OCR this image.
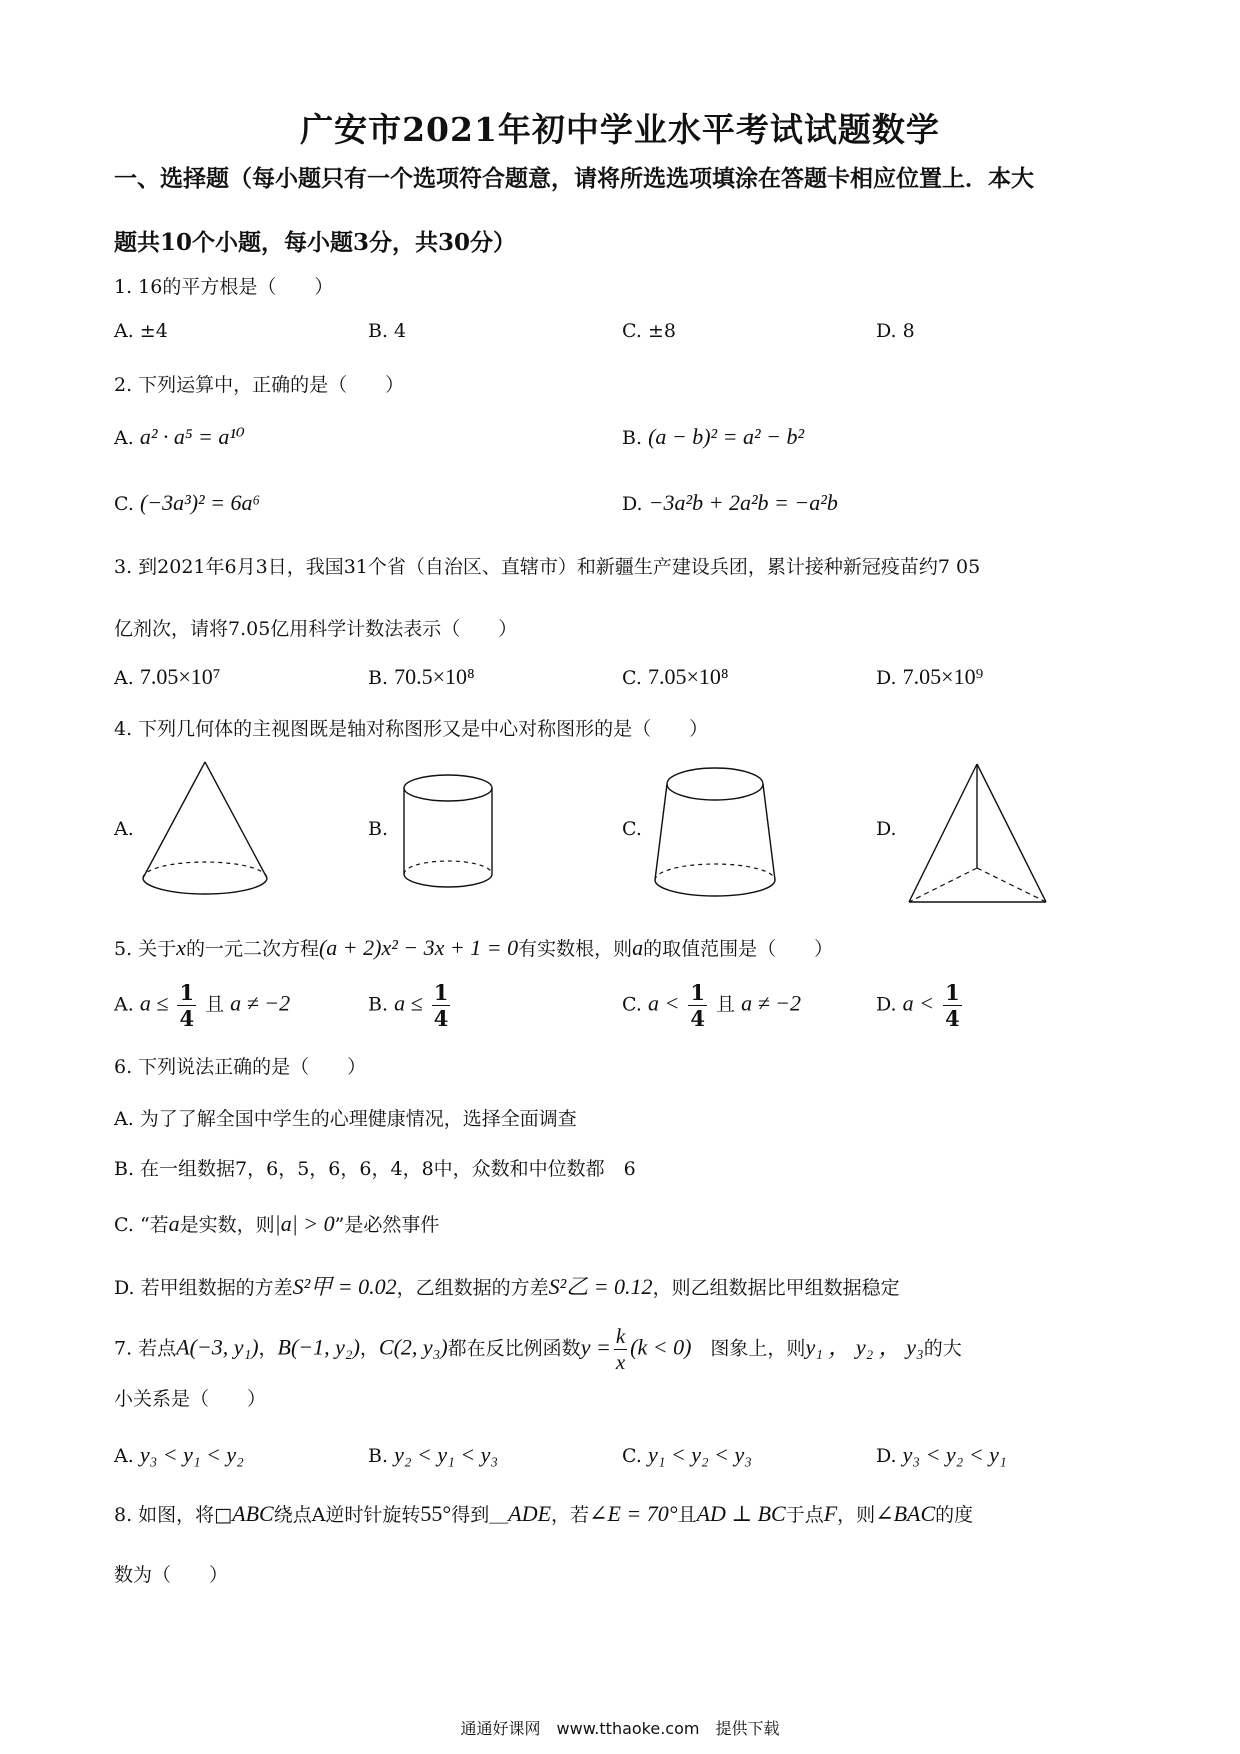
广安市2021年初中学业水平考试试题数学
一、选择题（每小题只有一个选项符合题意，请将所选选项填涂在答题卡相应位置上．本大
题共10个小题，每小题3分，共30分）
1. 16的平方根是（　　）
A. ±4	B. 4	C. ±8	D. 8
2. 下列运算中，正确的是（　　）
A. a² · a⁵ = a¹⁰	B. (a − b)² = a² − b²
C. (−3a³)² = 6a⁶	D. −3a²b + 2a²b = −a²b
3. 到2021年6月3日，我国31个省（自治区、直辖市）和新疆生产建设兵团，累计接种新冠疫苗约7 05
亿剂次，请将7.05亿用科学计数法表示（　　）
A. 7.05×10⁷	B. 70.5×10⁸	C. 7.05×10⁸	D. 7.05×10⁹
4. 下列几何体的主视图既是轴对称图形又是中心对称图形的是（　　）
A.	B.	C.	D.
5. 关于x的一元二次方程(a + 2)x² − 3x + 1 = 0有实数根，则a的取值范围是（　　）
A. $a \le \frac{1}{4}$ 且 a ≠ −2	B. $a \le \frac{1}{4}$	C. $a < \frac{1}{4}$ 且 a ≠ −2	D. $a < \frac{1}{4}$
6. 下列说法正确的是（　　）
A. 为了了解全国中学生的心理健康情况，选择全面调查
B. 在一组数据7，6，5，6，6，4，8中，众数和中位数都　6
C. “若a是实数，则|a| > 0”是必然事件
D. 若甲组数据的方差S²甲 = 0.02，乙组数据的方差S²乙 = 0.12，则乙组数据比甲组数据稳定
7. 若点A(−3, y₁)，B(−1, y₂)，C(2, y₃)都在反比例函数$y = \frac{k}{x} (k < 0)$　 图象上，则y₁ ， y₂ ， y₃的大
小关系是（　　）
A. y₃ < y₁ < y₂	B. y₂ < y₁ < y₃	C. y₁ < y₂ < y₃	D. y₃ < y₂ < y₁
8. 如图，将□ABC绕点A逆时针旋转55°得到＿ADE，若∠E = 70°且AD ⊥ BC于点F，则∠BAC的度
数为（　　）
通通好课网　www.tthaoke.com　提供下载
